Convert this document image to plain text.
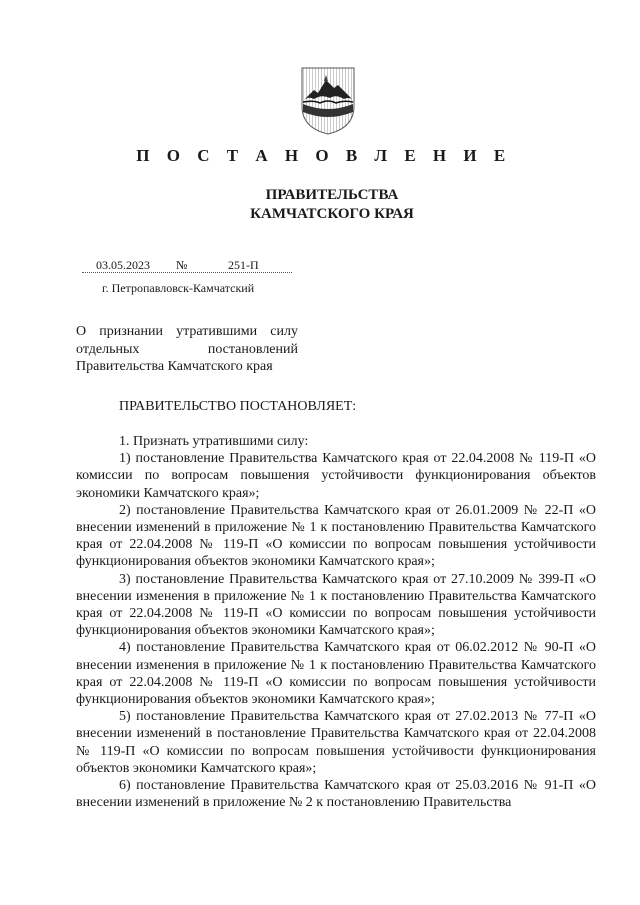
П О С Т А Н О В Л Е Н И Е
ПРАВИТЕЛЬСТВА
КАМЧАТСКОГО КРАЯ
03.05.2023 №	251-П
г. Петропавловск-Камчатский
О признании утратившими силу
отдельных постановлений
Правительства Камчатского края
ПРАВИТЕЛЬСТВО ПОСТАНОВЛЯЕТ:

1. Признать утратившими силу:

1) постановление Правительства Камчатского края от 22.04.2008 № 119-П «О комиссии по вопросам повышения устойчивости функционирования объектов экономики Камчатского края»;

2) постановление Правительства Камчатского края от 26.01.2009 № 22-П «О внесении изменений в приложение № 1 к постановлению Правительства Камчатского края от 22.04.2008 № 119-П «О комиссии по вопросам повышения устойчивости функционирования объектов экономики Камчатского края»;

3) постановление Правительства Камчатского края от 27.10.2009 № 399-П «О внесении изменения в приложение № 1 к постановлению Правительства Камчатского края от 22.04.2008 № 119-П «О комиссии по вопросам повышения устойчивости функционирования объектов экономики Камчатского края»;

4) постановление Правительства Камчатского края от 06.02.2012 № 90-П «О внесении изменения в приложение № 1 к постановлению Правительства Камчатского края от 22.04.2008 № 119-П «О комиссии по вопросам повышения устойчивости функционирования объектов экономики Камчатского края»;

5) постановление Правительства Камчатского края от 27.02.2013 № 77-П «О внесении изменений в постановление Правительства Камчатского края от 22.04.2008 № 119-П «О комиссии по вопросам повышения устойчивости функционирования объектов экономики Камчатского края»;

6) постановление Правительства Камчатского края от 25.03.2016 № 91-П «О внесении изменений в приложение № 2 к постановлению Правительства
